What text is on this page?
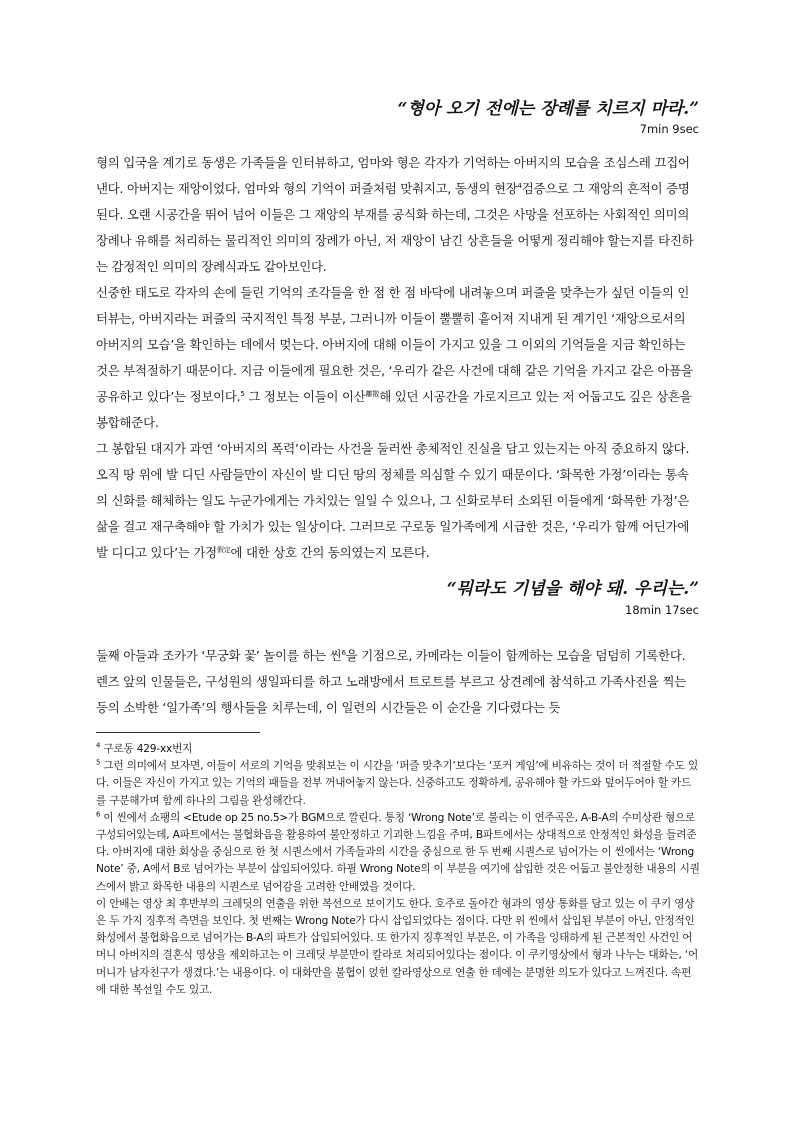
“형아 오기 전에는 장례를 치르지 마라.”
7min 9sec

형의 입국을 계기로 동생은 가족들을 인터뷰하고, 엄마와 형은 각자가 기억하는 아버지의 모습을 조심스레 끄집어낸다. 아버지는 재앙이었다. 엄마와 형의 기억이 퍼즐처럼 맞춰지고, 동생의 현장$^4$검증으로 그 재앙의 흔적이 증명된다. 오랜 시공간을 뛰어 넘어 이들은 그 재앙의 부재를 공식화 하는데, 그것은 사망을 선포하는 사회적인 의미의 장례나 유해를 처리하는 물리적인 의미의 장례가 아닌, 저 재앙이 남긴 상흔들을 어떻게 정리해야 할는지를 타진하는 감정적인 의미의 장례식과도 같아보인다.

신중한 태도로 각자의 손에 들린 기억의 조각들을 한 점 한 점 바닥에 내려놓으며 퍼즐을 맞추는가 싶던 이들의 인터뷰는, 아버지라는 퍼즐의 국지적인 특정 부분, 그러니까 이들이 뿔뿔히 흩어져 지내게 된 계기인 ‘재앙으로서의 아버지의 모습’을 확인하는 데에서 멎는다. 아버지에 대해 이들이 가지고 있을 그 이외의 기억들을 지금 확인하는 것은 부적절하기 때문이다. 지금 이들에게 필요한 것은, ‘우리가 같은 사건에 대해 같은 기억을 가지고 같은 아픔을 공유하고 있다’는 정보이다.$^5$ 그 정보는 이들이 이산$^{離散}$해 있던 시공간을 가로지르고 있는 저 어둡고도 깊은 상흔을 봉합해준다.

그 봉합된 대지가 과연 ‘아버지의 폭력’이라는 사건을 둘러싼 총체적인 진실을 담고 있는지는 아직 중요하지 않다. 오직 땅 위에 발 디딘 사람들만이 자신이 발 디딘 땅의 정체를 의심할 수 있기 때문이다. ‘화목한 가정’이라는 통속의 신화를 해체하는 일도 누군가에게는 가치있는 일일 수 있으나, 그 신화로부터 소외된 이들에게 ‘화목한 가정’은 삶을 걸고 재구축해야 할 가치가 있는 일상이다. 그러므로 구로동 일가족에게 시급한 것은, ‘우리가 함께 어딘가에 발 디디고 있다’는 가정$^{假定}$에 대한 상호 간의 동의였는지 모른다.

“뭐라도 기념을 해야 돼. 우리는.”
18min 17sec

둘째 아들과 조카가 ‘무궁화 꽃’ 놀이를 하는 씬$^6$을 기점으로, 카메라는 이들이 함께하는 모습을 덤덤히 기록한다. 렌즈 앞의 인물들은, 구성원의 생일파티를 하고 노래방에서 트로트를 부르고 상견례에 참석하고 가족사진을 찍는 등의 소박한 ‘일가족’의 행사들을 치루는데, 이 일련의 시간들은 이 순간을 기다렸다는 듯

$^4$ 구로동 429-xx번지

$^5$ 그런 의미에서 보자면, 이들이 서로의 기억을 맞춰보는 이 시간을 ‘퍼즐 맞추기’보다는 ‘포커 게임’에 비유하는 것이 더 적절할 수도 있다. 이들은 자신이 가지고 있는 기억의 패들을 전부 꺼내어놓지 않는다. 신중하고도 정확하게, 공유해야 할 카드와 덮어두어야 할 카드를 구분해가며 함께 하나의 그림을 완성해간다.

$^6$ 이 씬에서 쇼팽의 <Etude op 25 no.5>가 BGM으로 깔린다. 통칭 ‘Wrong Note’로 불리는 이 연주곡은, A-B-A의 수미상관 형으로 구성되어있는데, A파트에서는 불협화음을 활용하여 불안정하고 기괴한 느낌을 주며, B파트에서는 상대적으로 안정적인 화성을 들려준다. 아버지에 대한 회상을 중심으로 한 첫 시퀀스에서 가족들과의 시간을 중심으로 한 두 번째 시퀀스로 넘어가는 이 씬에서는 ‘Wrong Note’ 중, A에서 B로 넘어가는 부분이 삽입되어있다. 하필 Wrong Note의 이 부분을 여기에 삽입한 것은 어둡고 불안정한 내용의 시퀀스에서 밝고 화목한 내용의 시퀀스로 넘어감을 고려한 안배였을 것이다.

이 안배는 영상 최 후반부의 크레딧의 연출을 위한 복선으로 보이기도 한다. 호주로 돌아간 형과의 영상 통화를 담고 있는 이 쿠키 영상은 두 가지 징후적 측면을 보인다. 첫 번째는 Wrong Note가 다시 삽입되었다는 점이다. 다만 위 씬에서 삽입된 부분이 아닌, 안정적인 화성에서 불협화음으로 넘어가는 B-A의 파트가 삽입되어있다. 또 한가지 징후적인 부분은, 이 가족을 잉태하게 된 근본적인 사건인 어머니 아버지의 결혼식 영상을 제외하고는 이 크레딧 부분만이 칼라로 처리되어있다는 점이다. 이 쿠키영상에서 형과 나누는 대화는, ‘어머니가 남자친구가 생겼다.’는 내용이다. 이 대화만을 불협이 얹힌 칼라영상으로 연출 한 데에는 분명한 의도가 있다고 느껴진다. 속편에 대한 복선일 수도 있고.
